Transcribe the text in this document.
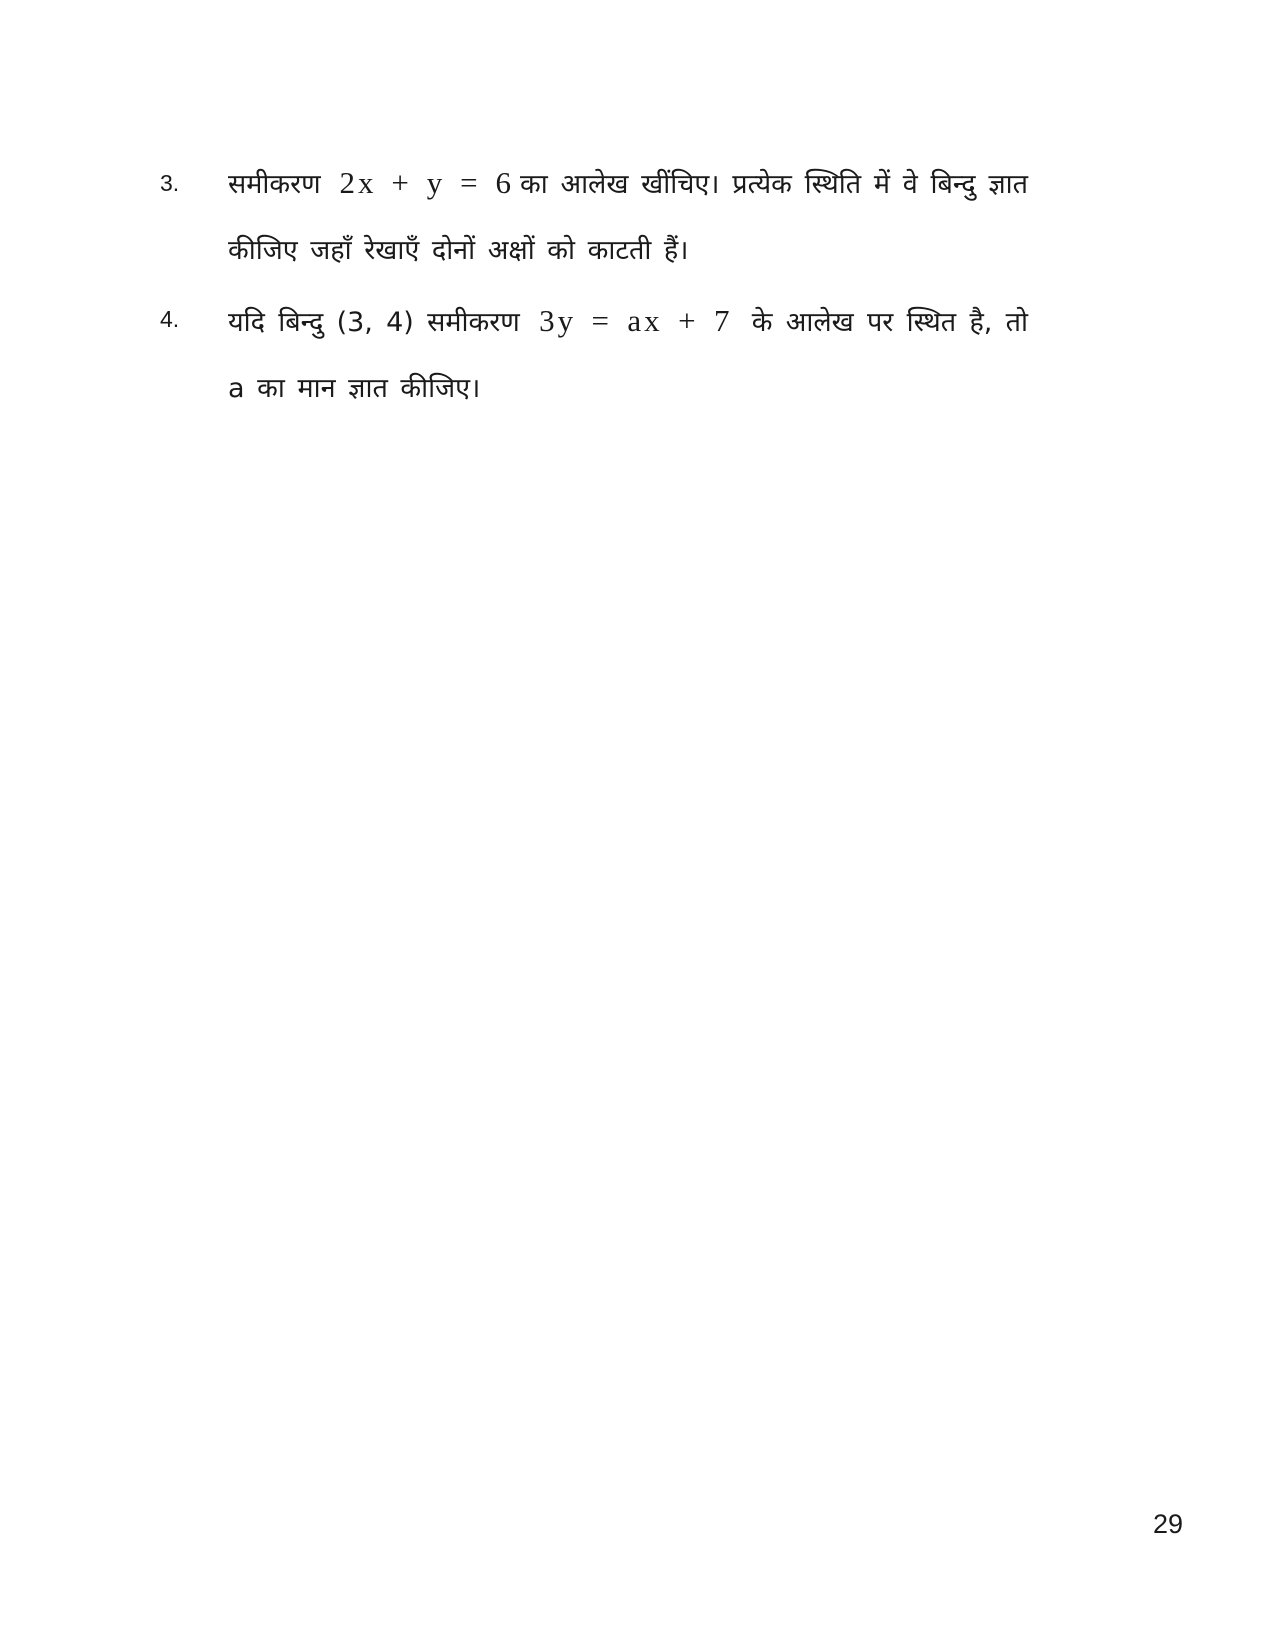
3. समीकरण 2x + y = 6 का आलेख खींचिए। प्रत्येक स्थिति में वे बिन्दु ज्ञात कीजिए जहाँ रेखाएँ दोनों अक्षों को काटती हैं।
4. यदि बिन्दु (3, 4) समीकरण 3y = ax + 7 के आलेख पर स्थित है, तो a का मान ज्ञात कीजिए।
29
